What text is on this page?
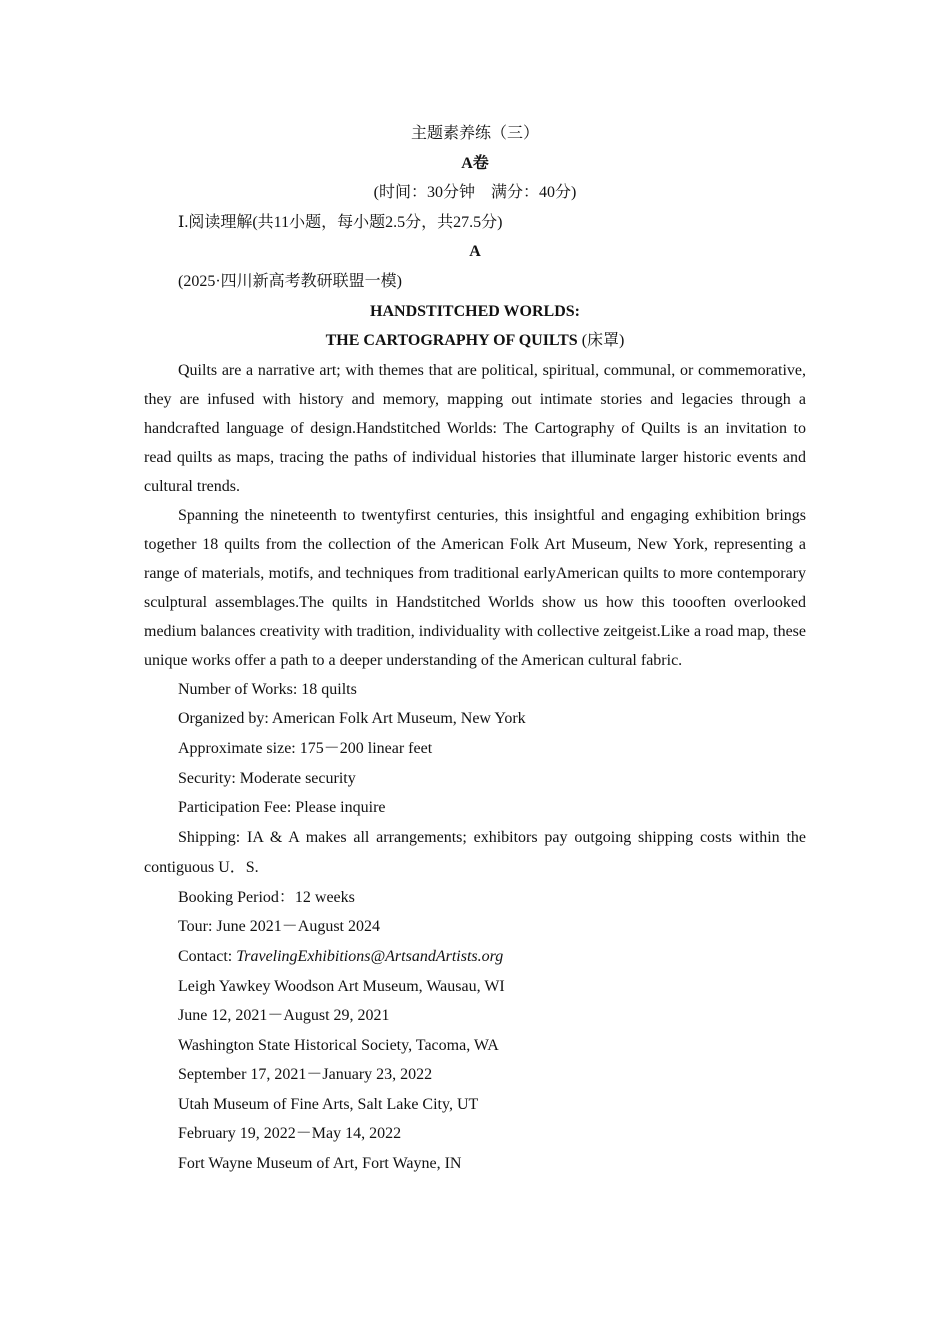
主题素养练（三）
A卷
(时间：30分钟　满分：40分)
Ⅰ.阅读理解(共11小题，每小题2.5分，共27.5分)
A
(2025·四川新高考教研联盟一模)
HANDSTITCHED WORLDS:
THE CARTOGRAPHY OF QUILTS (床罩)

Quilts are a narrative art; with themes that are political, spiritual, communal, or commemorative, they are infused with history and memory, mapping out intimate stories and legacies through a handcrafted language of design.Handstitched Worlds: The Cartography of Quilts is an invitation to read quilts as maps, tracing the paths of individual histories that illuminate larger historic events and cultural trends.

Spanning the nineteenth to twentyfirst centuries, this insightful and engaging exhibition brings together 18 quilts from the collection of the American Folk Art Museum, New York, representing a range of materials, motifs, and techniques from traditional earlyAmerican quilts to more contemporary sculptural assemblages.The quilts in Handstitched Worlds show us how this toooften overlooked medium balances creativity with tradition, individuality with collective zeitgeist.Like a road map, these unique works offer a path to a deeper understanding of the American cultural fabric.

Number of Works: 18 quilts
Organized by: American Folk Art Museum, New York
Approximate size: 175－200 linear feet
Security: Moderate security
Participation Fee: Please inquire

Shipping: IA & A makes all arrangements; exhibitors pay outgoing shipping costs within the contiguous U．S.

Booking Period：12 weeks
Tour: June 2021－August 2024
Contact: TravelingExhibitions@ArtsandArtists.org
Leigh Yawkey Woodson Art Museum, Wausau, WI
June 12, 2021－August 29, 2021
Washington State Historical Society, Tacoma, WA
September 17, 2021－January 23, 2022
Utah Museum of Fine Arts, Salt Lake City, UT
February 19, 2022－May 14, 2022
Fort Wayne Museum of Art, Fort Wayne, IN
